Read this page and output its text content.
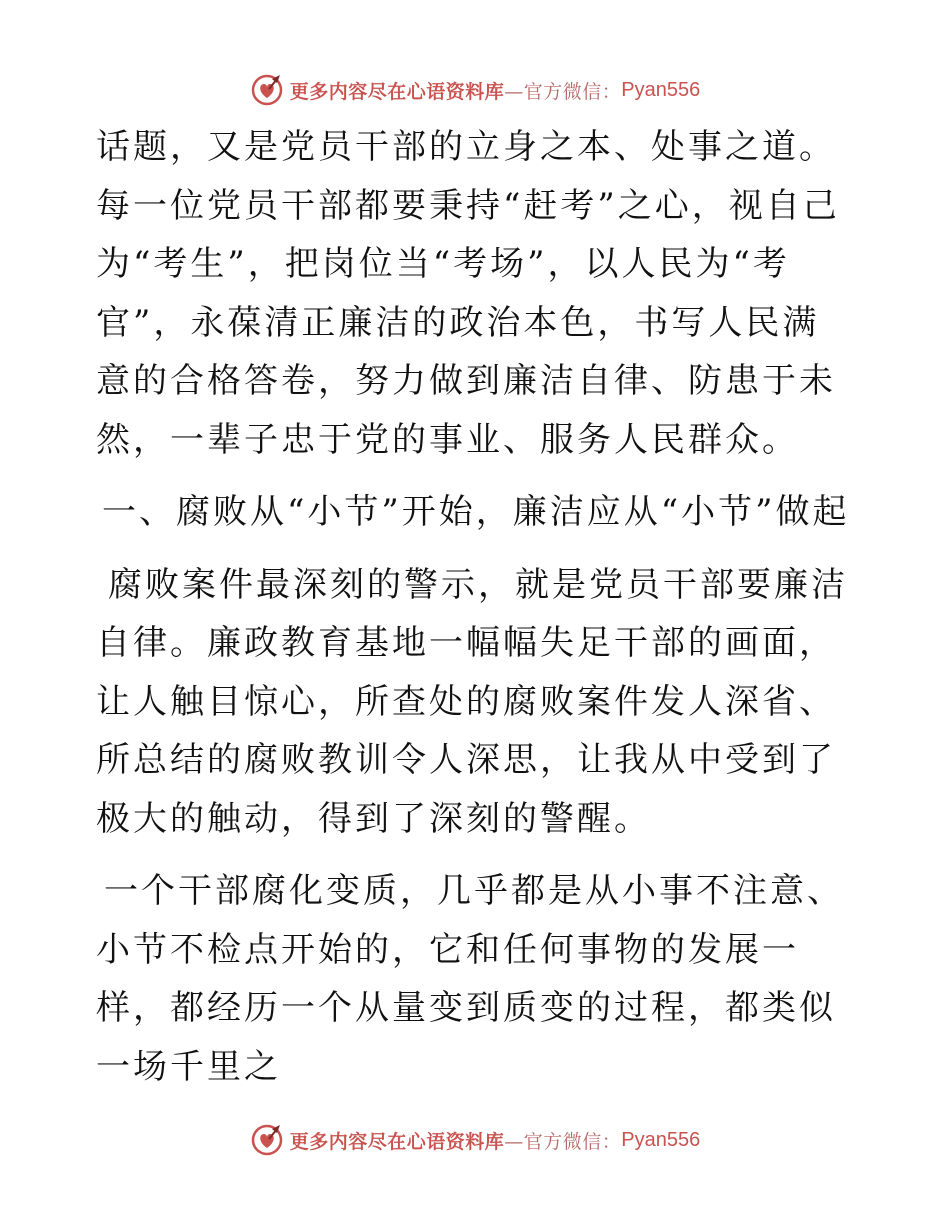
更多内容尽在心语资料库 —官方微信： Pyan556

话题，又是党员干部的立身之本、处事之道。每一位党员干部都要秉持“赶考”之心，视自己为“考生”，把岗位当“考场”，以人民为“考官”，永葆清正廉洁的政治本色，书写人民满意的合格答卷，努力做到廉洁自律、防患于未然，一辈子忠于党的事业、服务人民群众。

一、腐败从“小节”开始，廉洁应从“小节”做起

腐败案件最深刻的警示，就是党员干部要廉洁自律。廉政教育基地一幅幅失足干部的画面，让人触目惊心，所查处的腐败案件发人深省、所总结的腐败教训令人深思，让我从中受到了极大的触动，得到了深刻的警醒。

一个干部腐化变质，几乎都是从小事不注意、小节不检点开始的，它和任何事物的发展一样，都经历一个从量变到质变的过程，都类似一场千里之

更多内容尽在心语资料库 —官方微信： Pyan556
